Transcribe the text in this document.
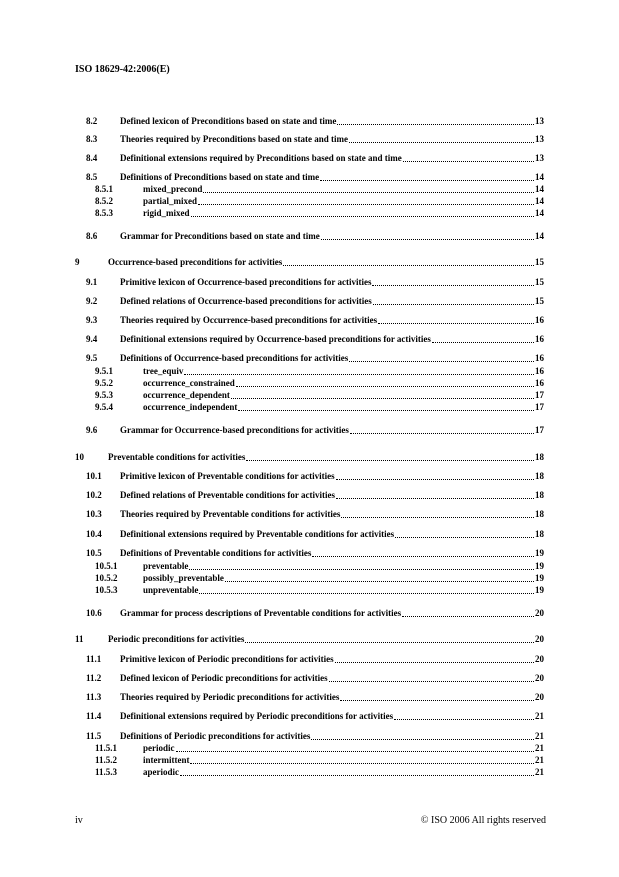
ISO 18629-42:2006(E)
8.2	Defined lexicon of Preconditions based on state and time	13
8.3	Theories required by Preconditions based on state and time	13
8.4	Definitional extensions required by Preconditions based on state and time	13
8.5	Definitions of Preconditions based on state and time	14
8.5.1	mixed_precond	14
8.5.2	partial_mixed	14
8.5.3	rigid_mixed	14
8.6	Grammar for Preconditions based on state and time	14
9	Occurrence-based preconditions for activities	15
9.1	Primitive lexicon of Occurrence-based preconditions for activities	15
9.2	Defined relations of Occurrence-based preconditions for activities	15
9.3	Theories required by Occurrence-based preconditions for activities	16
9.4	Definitional extensions required by Occurrence-based preconditions for activities	16
9.5	Definitions of Occurrence-based preconditions for activities	16
9.5.1	tree_equiv	16
9.5.2	occurrence_constrained	16
9.5.3	occurrence_dependent	17
9.5.4	occurrence_independent	17
9.6	Grammar for Occurrence-based preconditions for activities	17
10	Preventable conditions for activities	18
10.1	Primitive lexicon of Preventable conditions for activities	18
10.2	Defined relations of Preventable conditions for activities	18
10.3	Theories required by Preventable conditions for activities	18
10.4	Definitional extensions required by Preventable conditions for activities	18
10.5	Definitions of Preventable conditions for activities	19
10.5.1	preventable	19
10.5.2	possibly_preventable	19
10.5.3	unpreventable	19
10.6	Grammar for process descriptions of Preventable conditions for activities	20
11	Periodic preconditions for activities	20
11.1	Primitive lexicon of Periodic preconditions for activities	20
11.2	Defined lexicon of Periodic preconditions for activities	20
11.3	Theories required by Periodic preconditions for activities	20
11.4	Definitional extensions required by Periodic preconditions for activities	21
11.5	Definitions of Periodic preconditions for activities	21
11.5.1	periodic	21
11.5.2	intermittent	21
11.5.3	aperiodic	21
iv	© ISO 2006 All rights reserved
